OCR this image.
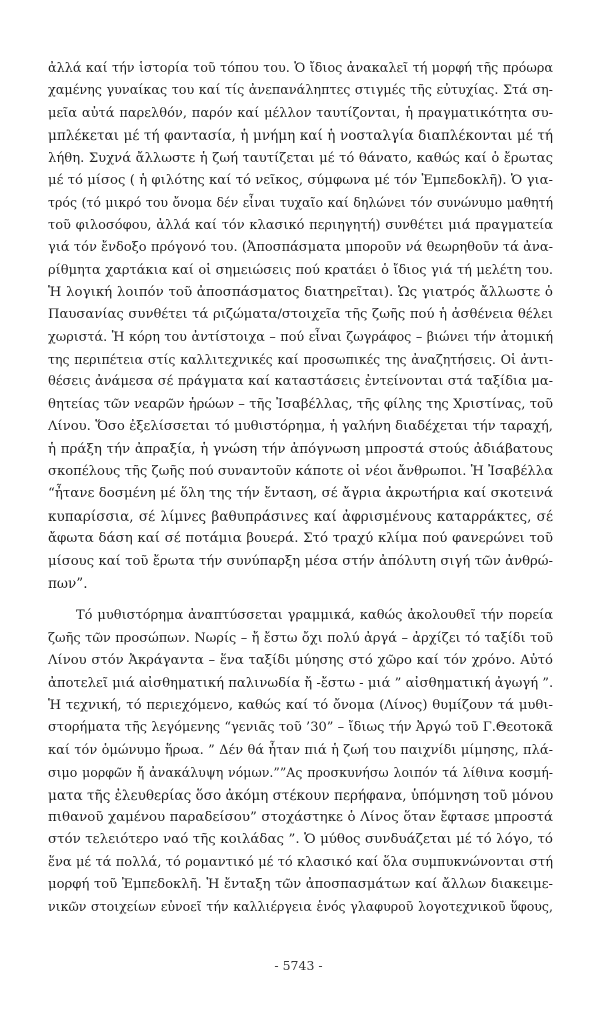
ἀλλά καί τήν ἱστορία τοῦ τόπου του. Ὁ ἴδιος ἀνακαλεῖ τή μορφή τῆς πρόωρα
χαμένης γυναίκας του καί τίς ἀνεπανάληπτες στιγμές τῆς εὐτυχίας. Στά ση-
μεῖα αὐτά παρελθόν, παρόν καί μέλλον ταυτίζονται, ἡ πραγματικότητα συ-
μπλέκεται μέ τή φαντασία, ἡ μνήμη καί ἡ νοσταλγία διαπλέκονται μέ τή
λήθη. Συχνά ἄλλωστε ἡ ζωή ταυτίζεται μέ τό θάνατο, καθώς καί ὁ ἔρωτας
μέ τό μίσος ( ἡ φιλότης καί τό νεῖκος, σύμφωνα μέ τόν Ἐμπεδοκλῆ). Ὁ για-
τρός (τό μικρό του ὄνομα δέν εἶναι τυχαῖο καί δηλώνει τόν συνώνυμο μαθητή
τοῦ φιλοσόφου, ἀλλά καί τόν κλασικό περιηγητή) συνθέτει μιά πραγματεία
γιά τόν ἔνδοξο πρόγονό του. (Ἀποσπάσματα μποροῦν νά θεωρηθοῦν τά ἀνα-
ρίθμητα χαρτάκια καί οἱ σημειώσεις πού κρατάει ὁ ἴδιος γιά τή μελέτη του.
Ἡ λογική λοιπόν τοῦ ἀποσπάσματος διατηρεῖται). Ὡς γιατρός ἄλλωστε ὁ
Παυσανίας συνθέτει τά ριζώματα/στοιχεῖα τῆς ζωῆς πού ἡ ἀσθένεια θέλει
χωριστά. Ἡ κόρη του ἀντίστοιχα – πού εἶναι ζωγράφος – βιώνει τήν ἀτομική
της περιπέτεια στίς καλλιτεχνικές καί προσωπικές της ἀναζητήσεις. Οἱ ἀντι-
θέσεις ἀνάμεσα σέ πράγματα καί καταστάσεις ἐντείνονται στά ταξίδια μα-
θητείας τῶν νεαρῶν ἡρώων – τῆς Ἰσαβέλλας, τῆς φίλης της Χριστίνας, τοῦ
Λίνου. Ὅσο ἐξελίσσεται τό μυθιστόρημα, ἡ γαλήνη διαδέχεται τήν ταραχή,
ἡ πράξη τήν ἀπραξία, ἡ γνώση τήν ἀπόγνωση μπροστά στούς ἀδιάβατους
σκοπέλους τῆς ζωῆς πού συναντοῦν κάποτε οἱ νέοι ἄνθρωποι. Ἡ Ἰσαβέλλα
“ἦτανε δοσμένη μέ ὅλη της τήν ἔνταση, σέ ἄγρια ἀκρωτήρια καί σκοτεινά
κυπαρίσσια, σέ λίμνες βαθυπράσινες καί ἀφρισμένους καταρράκτες, σέ
ἄφωτα δάση καί σέ ποτάμια βουερά. Στό τραχύ κλίμα πού φανερώνει τοῦ
μίσους καί τοῦ ἔρωτα τήν συνύπαρξη μέσα στήν ἀπόλυτη σιγή τῶν ἀνθρώ-
πων”.
Τό μυθιστόρημα ἀναπτύσσεται γραμμικά, καθώς ἀκολουθεῖ τήν πορεία
ζωῆς τῶν προσώπων. Νωρίς – ἤ ἔστω ὄχι πολύ ἀργά – ἀρχίζει τό ταξίδι τοῦ
Λίνου στόν Ἀκράγαντα – ἕνα ταξίδι μύησης στό χῶρο καί τόν χρόνο. Αὐτό
ἀποτελεῖ μιά αἰσθηματική παλινωδία ἤ -ἔστω - μιά ” αἰσθηματική ἀγωγή ”.
Ἡ τεχνική, τό περιεχόμενο, καθώς καί τό ὄνομα (Λίνος) θυμίζουν τά μυθι-
στορήματα τῆς λεγόμενης “γενιᾶς τοῦ ’30” – ἴδιως τήν Ἀργώ τοῦ Γ.Θεοτοκᾶ
καί τόν ὁμώνυμο ἥρωα. ” Δέν θά ἦταν πιά ἡ ζωή του παιχνίδι μίμησης, πλά-
σιμο μορφῶν ἤ ἀνακάλυψη νόμων.””Ας προσκυνήσω λοιπόν τά λίθινα κοσμή-
ματα τῆς ἐλευθερίας ὅσο ἀκόμη στέκουν περήφανα, ὑπόμνηση τοῦ μόνου
πιθανοῦ χαμένου παραδείσου” στοχάστηκε ὁ Λίνος ὅταν ἔφτασε μπροστά
στόν τελειότερο ναό τῆς κοιλάδας ”. Ὁ μύθος συνδυάζεται μέ τό λόγο, τό
ἕνα μέ τά πολλά, τό ρομαντικό μέ τό κλασικό καί ὅλα συμπυκνώνονται στή
μορφή τοῦ Ἐμπεδοκλῆ. Ἡ ἔνταξη τῶν ἀποσπασμάτων καί ἄλλων διακειμε-
νικῶν στοιχείων εὐνοεῖ τήν καλλιέργεια ἑνός γλαφυροῦ λογοτεχνικοῦ ὕφους,
- 5743 -
